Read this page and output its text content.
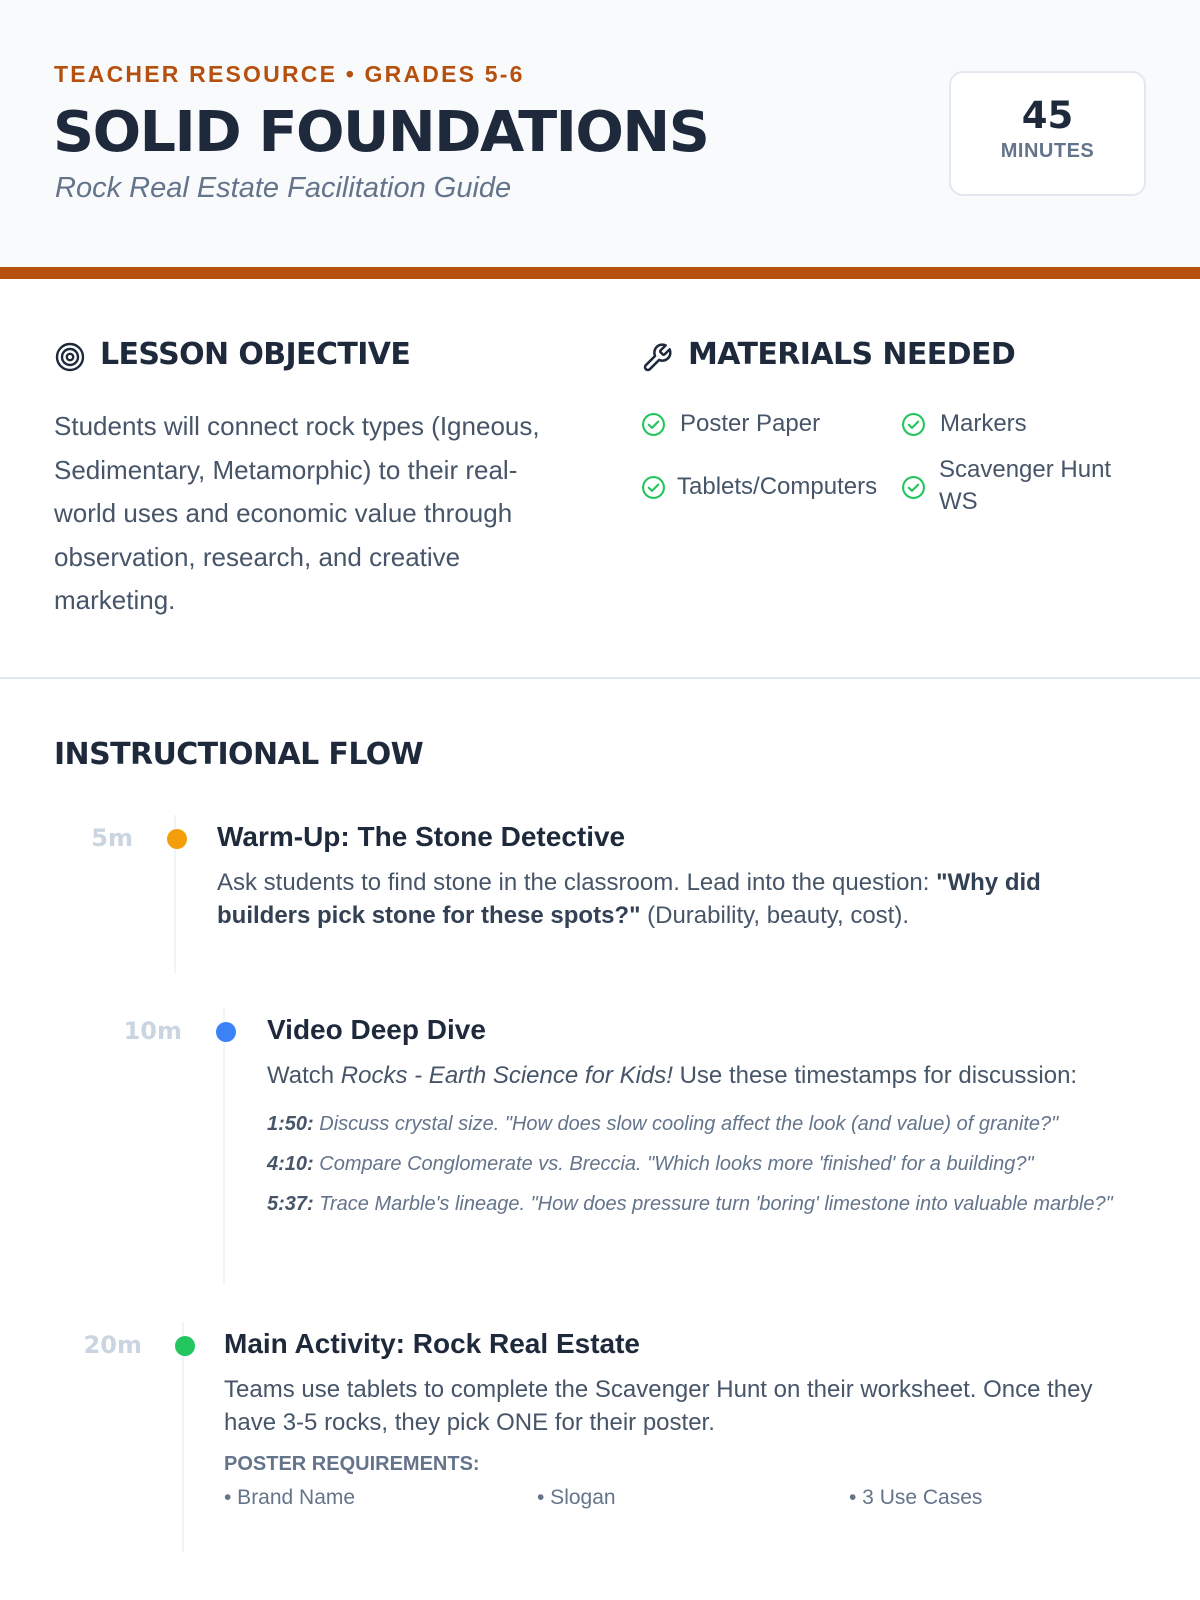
TEACHER RESOURCE • GRADES 5-6
SOLID FOUNDATIONS
Rock Real Estate Facilitation Guide
45
MINUTES
LESSON OBJECTIVE
Students will connect rock types (Igneous, Sedimentary, Metamorphic) to their real-world uses and economic value through observation, research, and creative marketing.
MATERIALS NEEDED
Poster Paper	Markers
Tablets/Computers
Scavenger Hunt WS
INSTRUCTIONAL FLOW
5m	Warm-Up: The Stone Detective
Ask students to find stone in the classroom. Lead into the question: "Why did builders pick stone for these spots?" (Durability, beauty, cost).
10m	Video Deep Dive
Watch Rocks - Earth Science for Kids! Use these timestamps for discussion:
1:50: Discuss crystal size. "How does slow cooling affect the look (and value) of granite?"
4:10: Compare Conglomerate vs. Breccia. "Which looks more 'finished' for a building?"
5:37: Trace Marble's lineage. "How does pressure turn 'boring' limestone into valuable marble?"
20m	Main Activity: Rock Real Estate
Teams use tablets to complete the Scavenger Hunt on their worksheet. Once they have 3-5 rocks, they pick ONE for their poster.
POSTER REQUIREMENTS:
• Brand Name	• Slogan	• 3 Use Cases
